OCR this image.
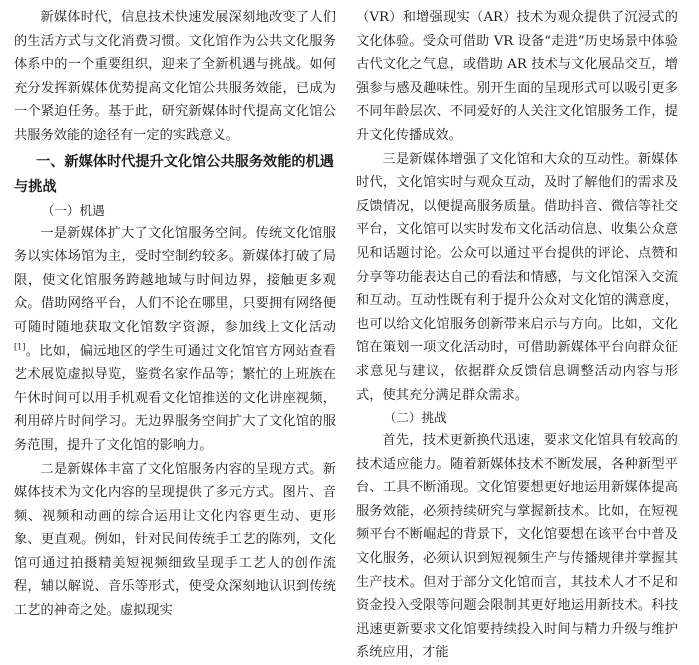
新媒体时代，信息技术快速发展深刻地改变了人们的生活方式与文化消费习惯。文化馆作为公共文化服务体系中的一个重要组织，迎来了全新机遇与挑战。如何充分发挥新媒体优势提高文化馆公共服务效能，已成为一个紧迫任务。基于此，研究新媒体时代提高文化馆公共服务效能的途径有一定的实践意义。

一、新媒体时代提升文化馆公共服务效能的机遇与挑战

（一）机遇

一是新媒体扩大了文化馆服务空间。传统文化馆服务以实体场馆为主，受时空制约较多。新媒体打破了局限，使文化馆服务跨越地域与时间边界，接触更多观众。借助网络平台，人们不论在哪里，只要拥有网络便可随时随地获取文化馆数字资源，参加线上文化活动[1]。比如，偏远地区的学生可通过文化馆官方网站查看艺术展览虚拟导览，鉴赏名家作品等；繁忙的上班族在午休时间可以用手机观看文化馆推送的文化讲座视频，利用碎片时间学习。无边界服务空间扩大了文化馆的服务范围，提升了文化馆的影响力。

二是新媒体丰富了文化馆服务内容的呈现方式。新媒体技术为文化内容的呈现提供了多元方式。图片、音频、视频和动画的综合运用让文化内容更生动、更形象、更直观。例如，针对民间传统手工艺的陈列，文化馆可通过拍摄精美短视频细致呈现手工艺人的创作流程，辅以解说、音乐等形式，使受众深刻地认识到传统工艺的神奇之处。虚拟现实

（VR）和增强现实（AR）技术为观众提供了沉浸式的文化体验。受众可借助 VR 设备“走进”历史场景中体验古代文化之气息，或借助 AR 技术与文化展品交互，增强参与感及趣味性。别开生面的呈现形式可以吸引更多不同年龄层次、不同爱好的人关注文化馆服务工作，提升文化传播成效。

三是新媒体增强了文化馆和大众的互动性。新媒体时代，文化馆实时与观众互动，及时了解他们的需求及反馈情况，以便提高服务质量。借助抖音、微信等社交平台，文化馆可以实时发布文化活动信息、收集公众意见和话题讨论。公众可以通过平台提供的评论、点赞和分享等功能表达自己的看法和情感，与文化馆深入交流和互动。互动性既有利于提升公众对文化馆的满意度，也可以给文化馆服务创新带来启示与方向。比如，文化馆在策划一项文化活动时，可借助新媒体平台向群众征求意见与建议，依据群众反馈信息调整活动内容与形式，使其充分满足群众需求。

（二）挑战

首先，技术更新换代迅速，要求文化馆具有较高的技术适应能力。随着新媒体技术不断发展，各种新型平台、工具不断涌现。文化馆要想更好地运用新媒体提高服务效能，必须持续研究与掌握新技术。比如，在短视频平台不断崛起的背景下，文化馆要想在该平台中普及文化服务，必须认识到短视频生产与传播规律并掌握其生产技术。但对于部分文化馆而言，其技术人才不足和资金投入受限等问题会限制其更好地运用新技术。科技迅速更新要求文化馆要持续投入时间与精力升级与维护系统应用，才能
